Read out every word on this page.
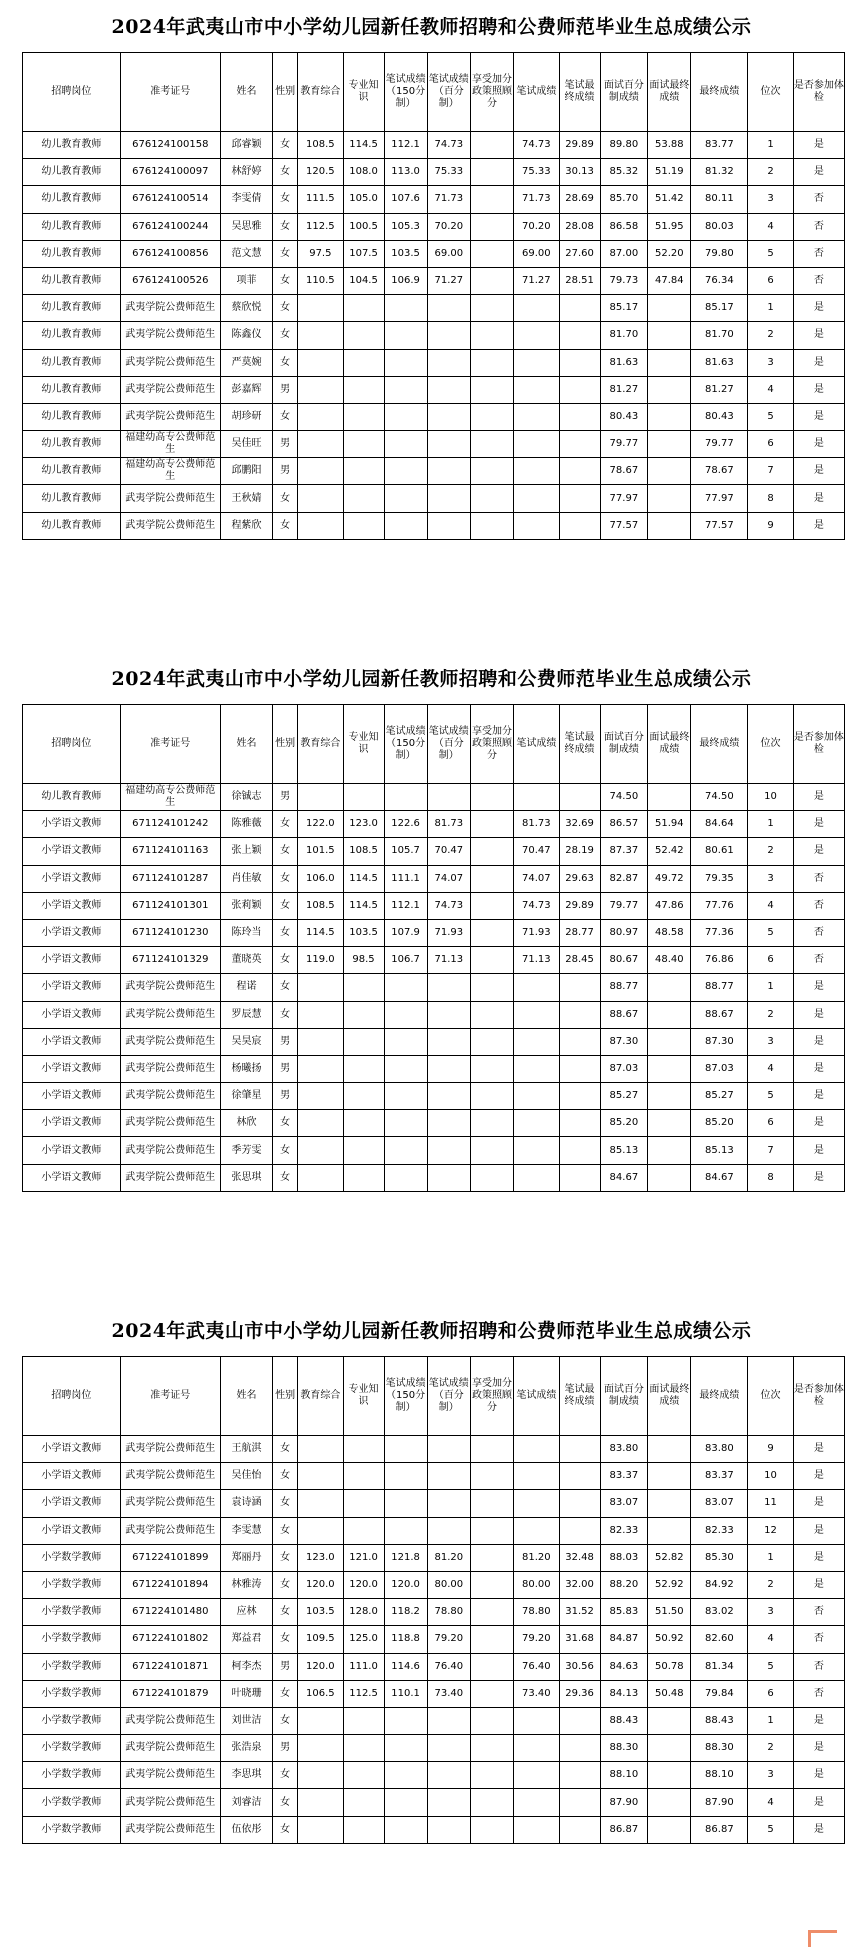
2024年武夷山市中小学幼儿园新任教师招聘和公费师范毕业生总成绩公示
招聘岗位	准考证号	姓名	性别	教育综合	专业知识	笔试成绩（150分制）	笔试成绩（百分制）	享受加分政策照顾分	笔试成绩	笔试最终成绩	面试百分制成绩	面试最终成绩	最终成绩	位次	是否参加体检
幼儿教育教师	676124100158	邱睿颖	女	108.5	114.5	112.1	74.73		74.73	29.89	89.80	53.88	83.77	1	是
幼儿教育教师	676124100097	林舒婷	女	120.5	108.0	113.0	75.33		75.33	30.13	85.32	51.19	81.32	2	是
幼儿教育教师	676124100514	李雯倩	女	111.5	105.0	107.6	71.73		71.73	28.69	85.70	51.42	80.11	3	否
幼儿教育教师	676124100244	吴思雅	女	112.5	100.5	105.3	70.20		70.20	28.08	86.58	51.95	80.03	4	否
幼儿教育教师	676124100856	范文慧	女	97.5	107.5	103.5	69.00		69.00	27.60	87.00	52.20	79.80	5	否
幼儿教育教师	676124100526	项菲	女	110.5	104.5	106.9	71.27		71.27	28.51	79.73	47.84	76.34	6	否
幼儿教育教师	武夷学院公费师范生	蔡欣悦	女								85.17		85.17	1	是
幼儿教育教师	武夷学院公费师范生	陈鑫仪	女								81.70		81.70	2	是
幼儿教育教师	武夷学院公费师范生	严莫婉	女								81.63		81.63	3	是
幼儿教育教师	武夷学院公费师范生	彭嘉辉	男								81.27		81.27	4	是
幼儿教育教师	武夷学院公费师范生	胡珍研	女								80.43		80.43	5	是
幼儿教育教师	福建幼高专公费师范生	吴佳旺	男								79.77		79.77	6	是
幼儿教育教师	福建幼高专公费师范生	邱鹏阳	男								78.67		78.67	7	是
幼儿教育教师	武夷学院公费师范生	王秋婧	女								77.97		77.97	8	是
幼儿教育教师	武夷学院公费师范生	程紫欣	女								77.57		77.57	9	是
2024年武夷山市中小学幼儿园新任教师招聘和公费师范毕业生总成绩公示
招聘岗位	准考证号	姓名	性别	教育综合	专业知识	笔试成绩（150分制）	笔试成绩（百分制）	享受加分政策照顾分	笔试成绩	笔试最终成绩	面试百分制成绩	面试最终成绩	最终成绩	位次	是否参加体检
幼儿教育教师	福建幼高专公费师范生	徐铖志	男								74.50		74.50	10	是
小学语文教师	671124101242	陈雅薇	女	122.0	123.0	122.6	81.73		81.73	32.69	86.57	51.94	84.64	1	是
小学语文教师	671124101163	张上颖	女	101.5	108.5	105.7	70.47		70.47	28.19	87.37	52.42	80.61	2	是
小学语文教师	671124101287	肖佳敏	女	106.0	114.5	111.1	74.07		74.07	29.63	82.87	49.72	79.35	3	否
小学语文教师	671124101301	张莉颖	女	108.5	114.5	112.1	74.73		74.73	29.89	79.77	47.86	77.76	4	否
小学语文教师	671124101230	陈玲当	女	114.5	103.5	107.9	71.93		71.93	28.77	80.97	48.58	77.36	5	否
小学语文教师	671124101329	董晓英	女	119.0	98.5	106.7	71.13		71.13	28.45	80.67	48.40	76.86	6	否
小学语文教师	武夷学院公费师范生	程诺	女								88.77		88.77	1	是
小学语文教师	武夷学院公费师范生	罗辰慧	女								88.67		88.67	2	是
小学语文教师	武夷学院公费师范生	吴昊宸	男								87.30		87.30	3	是
小学语文教师	武夷学院公费师范生	杨曦扬	男								87.03		87.03	4	是
小学语文教师	武夷学院公费师范生	徐肇星	男								85.27		85.27	5	是
小学语文教师	武夷学院公费师范生	林欣	女								85.20		85.20	6	是
小学语文教师	武夷学院公费师范生	季芳雯	女								85.13		85.13	7	是
小学语文教师	武夷学院公费师范生	张思琪	女								84.67		84.67	8	是
2024年武夷山市中小学幼儿园新任教师招聘和公费师范毕业生总成绩公示
招聘岗位	准考证号	姓名	性别	教育综合	专业知识	笔试成绩（150分制）	笔试成绩（百分制）	享受加分政策照顾分	笔试成绩	笔试最终成绩	面试百分制成绩	面试最终成绩	最终成绩	位次	是否参加体检
小学语文教师	武夷学院公费师范生	王航淇	女								83.80		83.80	9	是
小学语文教师	武夷学院公费师范生	吴佳怡	女								83.37		83.37	10	是
小学语文教师	武夷学院公费师范生	袁诗涵	女								83.07		83.07	11	是
小学语文教师	武夷学院公费师范生	李雯慧	女								82.33		82.33	12	是
小学数学教师	671224101899	郑丽丹	女	123.0	121.0	121.8	81.20		81.20	32.48	88.03	52.82	85.30	1	是
小学数学教师	671224101894	林雅涛	女	120.0	120.0	120.0	80.00		80.00	32.00	88.20	52.92	84.92	2	是
小学数学教师	671224101480	应林	女	103.5	128.0	118.2	78.80		78.80	31.52	85.83	51.50	83.02	3	否
小学数学教师	671224101802	郑益君	女	109.5	125.0	118.8	79.20		79.20	31.68	84.87	50.92	82.60	4	否
小学数学教师	671224101871	柯李杰	男	120.0	111.0	114.6	76.40		76.40	30.56	84.63	50.78	81.34	5	否
小学数学教师	671224101879	叶晓珊	女	106.5	112.5	110.1	73.40		73.40	29.36	84.13	50.48	79.84	6	否
小学数学教师	武夷学院公费师范生	刘世洁	女								88.43		88.43	1	是
小学数学教师	武夷学院公费师范生	张浩泉	男								88.30		88.30	2	是
小学数学教师	武夷学院公费师范生	李思琪	女								88.10		88.10	3	是
小学数学教师	武夷学院公费师范生	刘睿洁	女								87.90		87.90	4	是
小学数学教师	武夷学院公费师范生	伍依彤	女								86.87		86.87	5	是
